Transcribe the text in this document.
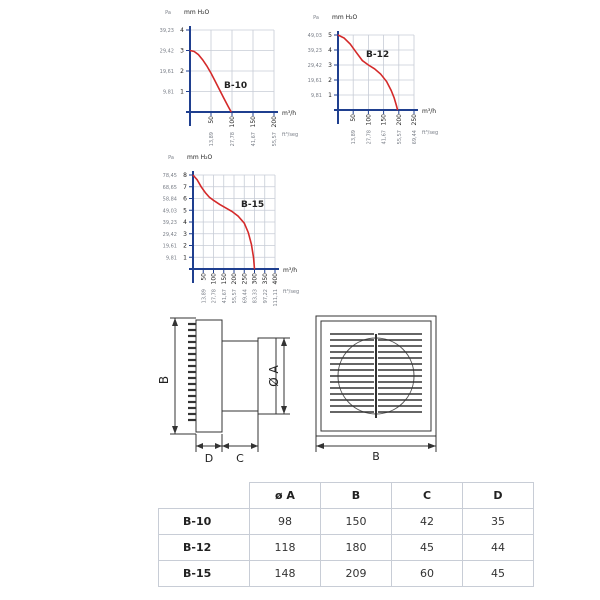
1
9,81
2
19,61
3
29,42
4
39,23
50
13,89
100
27,78
150
41,67
200
55,57
Pa mm H₂O
m³/h
ft³/seg
B-10
1
9,81
2
19,61
3
29,42
4
39,23
5
49,03
50
13,89
100
27,78
150
41,67
200
55,57
250
69,44
Pa mm H₂O
m³/h
ft³/seg
B-12
1
9,81
2
19,61
3
29,42
4
39,23
5
49,03
6
58,84
7
68,65
8
78,45
50
13,89
100
27,78
150
41,67
200
55,57
250
69,44
300
83,33
350
97,22
400
111,11
Pa mm H₂O
m³/h
ft³/seg
B-15
B	Ø A
D C	B
	ø A	B	C	D
B-10	98	150	42	35
B-12	118	180	45	44
B-15	148	209	60	45
